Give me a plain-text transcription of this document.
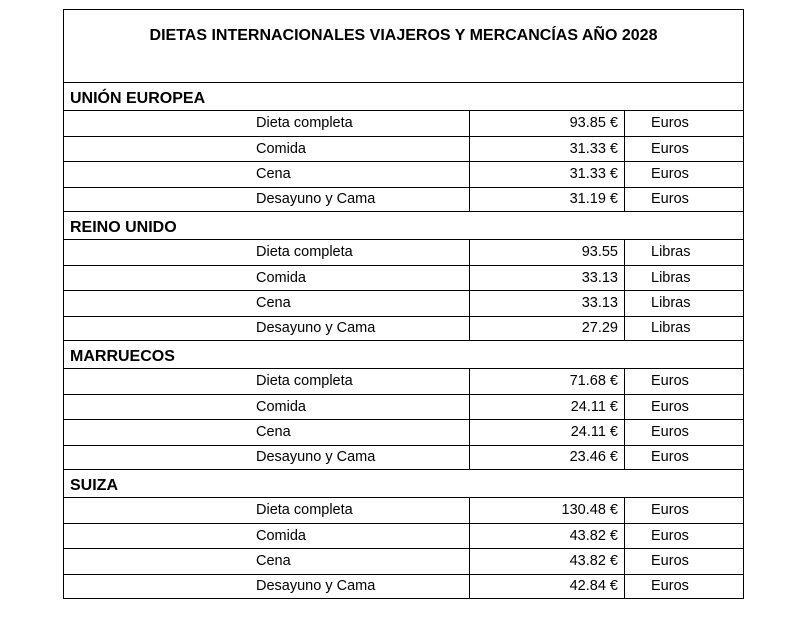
DIETAS INTERNACIONALES VIAJEROS Y MERCANCÍAS AÑO 2028
UNIÓN EUROPEA
Dieta completa	93.85 € Euros
Comida	31.33 € Euros
Cena	31.33 € Euros
Desayuno y Cama	31.19 € Euros
REINO UNIDO
Dieta completa	93.55 Libras
Comida	33.13 Libras
Cena	33.13 Libras
Desayuno y Cama	27.29 Libras
MARRUECOS
Dieta completa	71.68 € Euros
Comida	24.11 € Euros
Cena	24.11 € Euros
Desayuno y Cama	23.46 € Euros
SUIZA
Dieta completa	130.48 € Euros
Comida	43.82 € Euros
Cena	43.82 € Euros
Desayuno y Cama	42.84 € Euros
